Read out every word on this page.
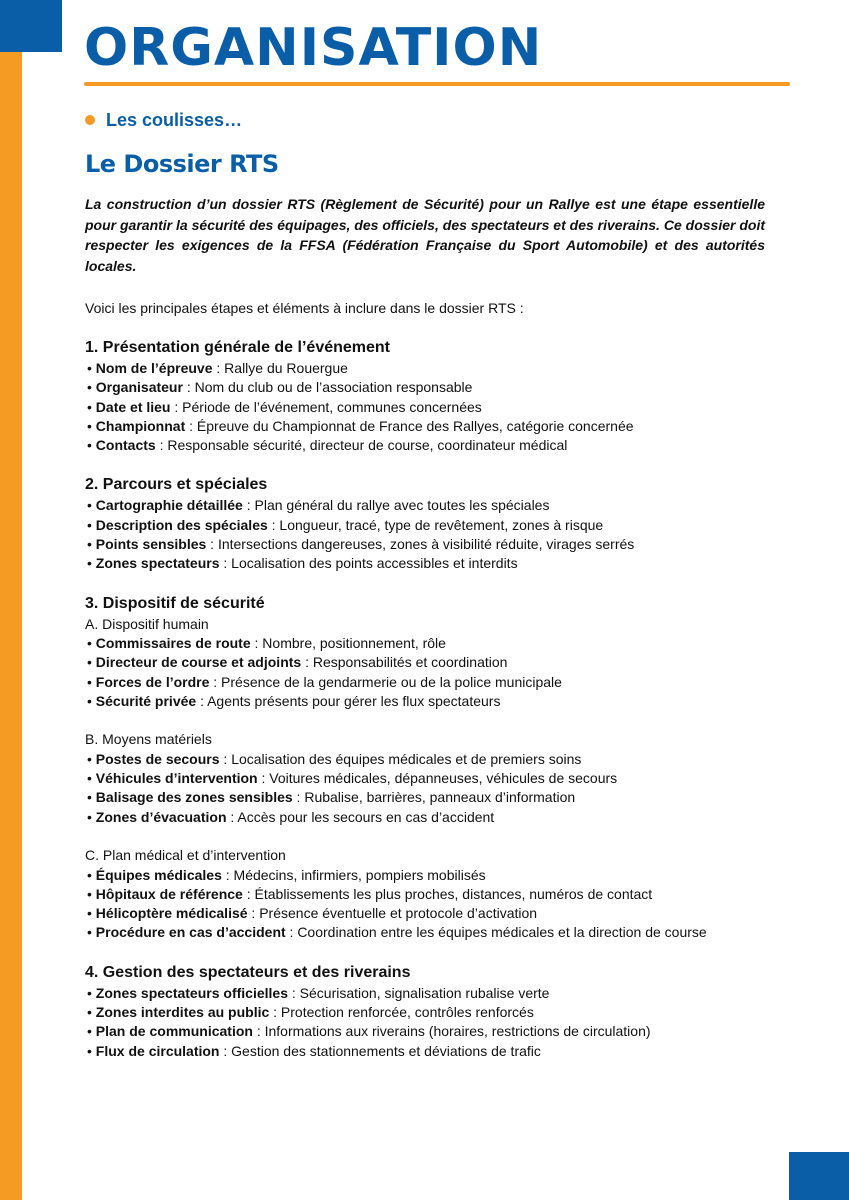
ORGANISATION
Les coulisses…
Le Dossier RTS

La construction d’un dossier RTS (Règlement de Sécurité) pour un Rallye est une étape essentielle pour garantir la sécurité des équipages, des officiels, des spectateurs et des riverains. Ce dossier doit respecter les exigences de la FFSA (Fédération Française du Sport Automobile) et des autorités locales.

Voici les principales étapes et éléments à inclure dans le dossier RTS :

1. Présentation générale de l’événement
• Nom de l’épreuve : Rallye du Rouergue
• Organisateur : Nom du club ou de l’association responsable
• Date et lieu : Période de l’événement, communes concernées
• Championnat : Épreuve du Championnat de France des Rallyes, catégorie concernée
• Contacts : Responsable sécurité, directeur de course, coordinateur médical
2. Parcours et spéciales
• Cartographie détaillée : Plan général du rallye avec toutes les spéciales
• Description des spéciales : Longueur, tracé, type de revêtement, zones à risque
• Points sensibles : Intersections dangereuses, zones à visibilité réduite, virages serrés
• Zones spectateurs : Localisation des points accessibles et interdits
3. Dispositif de sécurité
A. Dispositif humain
• Commissaires de route : Nombre, positionnement, rôle
• Directeur de course et adjoints : Responsabilités et coordination
• Forces de l’ordre : Présence de la gendarmerie ou de la police municipale
• Sécurité privée : Agents présents pour gérer les flux spectateurs
B. Moyens matériels
• Postes de secours : Localisation des équipes médicales et de premiers soins
• Véhicules d’intervention : Voitures médicales, dépanneuses, véhicules de secours
• Balisage des zones sensibles : Rubalise, barrières, panneaux d’information
• Zones d’évacuation : Accès pour les secours en cas d’accident
C. Plan médical et d’intervention
• Équipes médicales : Médecins, infirmiers, pompiers mobilisés
• Hôpitaux de référence : Établissements les plus proches, distances, numéros de contact
• Hélicoptère médicalisé : Présence éventuelle et protocole d’activation
• Procédure en cas d’accident : Coordination entre les équipes médicales et la direction de course
4. Gestion des spectateurs et des riverains
• Zones spectateurs officielles : Sécurisation, signalisation rubalise verte
• Zones interdites au public : Protection renforcée, contrôles renforcés
• Plan de communication : Informations aux riverains (horaires, restrictions de circulation)
• Flux de circulation : Gestion des stationnements et déviations de trafic
